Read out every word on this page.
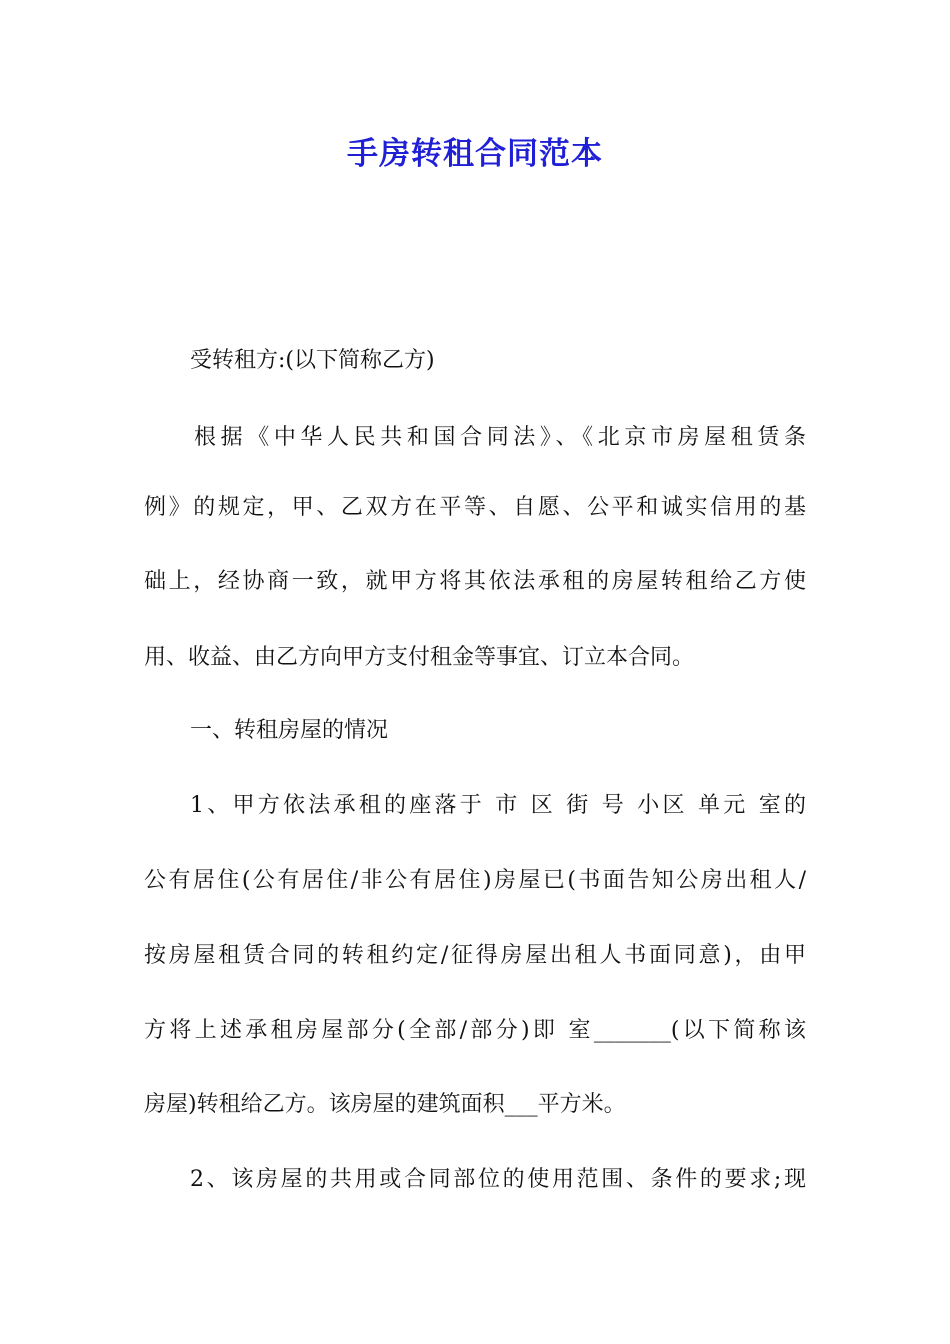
手房转租合同范本
受转租方:(以下简称乙方)
根据《中华人民共和国合同法》、《北京市房屋租赁条
例》的规定，甲、乙双方在平等、自愿、公平和诚实信用的基
础上，经协商一致，就甲方将其依法承租的房屋转租给乙方使
用、收益、由乙方向甲方支付租金等事宜、订立本合同。
一、转租房屋的情况
1、甲方依法承租的座落于 市 区 街 号 小区 单元 室的
公有居住(公有居住/非公有居住)房屋已(书面告知公房出租人/
按房屋租赁合同的转租约定/征得房屋出租人书面同意)，由甲
方将上述承租房屋部分(全部/部分)即 室_______(以下简称该
房屋)转租给乙方。该房屋的建筑面积___平方米。
2、该房屋的共用或合同部位的使用范围、条件的要求;现
